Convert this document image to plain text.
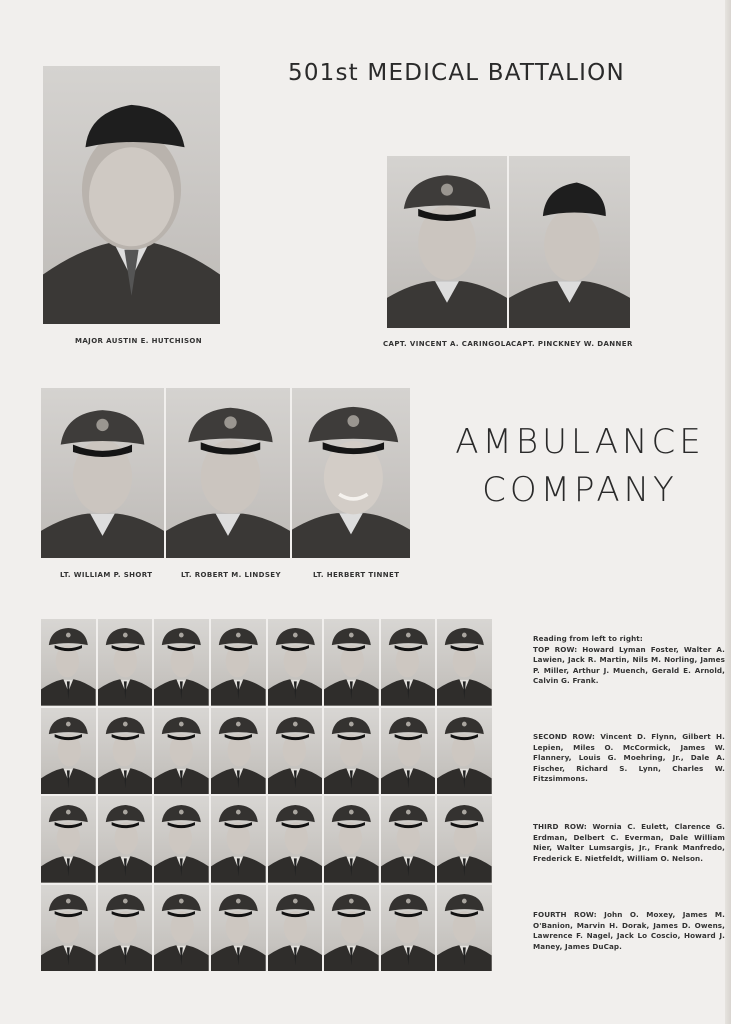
501st MEDICAL BATTALION
MAJOR AUSTIN E. HUTCHISON	CAPT. VINCENT A. CARINGOLA CAPT. PINCKNEY W. DANNER
LT. WILLIAM P. SHORT	LT. ROBERT M. LINDSEY	LT. HERBERT TINNET
AMBULANCE COMPANY
Reading from left to right:
TOP ROW: Howard Lyman Foster, Walter A. Lawien, Jack R. Martin, Nils M. Norling, James P. Miller, Arthur J. Muench, Gerald E. Arnold, Calvin G. Frank.
SECOND ROW: Vincent D. Flynn, Gilbert H. Lepien, Miles O. McCormick, James W. Flannery, Louis G. Moehring, Jr., Dale A. Fischer, Richard S. Lynn, Charles W. Fitzsimmons.
THIRD ROW: Wornia C. Eulett, Clarence G. Erdman, Delbert C. Everman, Dale William Nier, Walter Lumsargis, Jr., Frank Manfredo, Frederick E. Nietfeldt, William O. Nelson.
FOURTH ROW: John O. Moxey, James M. O'Banion, Marvin H. Dorak, James D. Owens, Lawrence F. Nagel, Jack Lo Coscio, Howard J. Maney, James DuCap.
